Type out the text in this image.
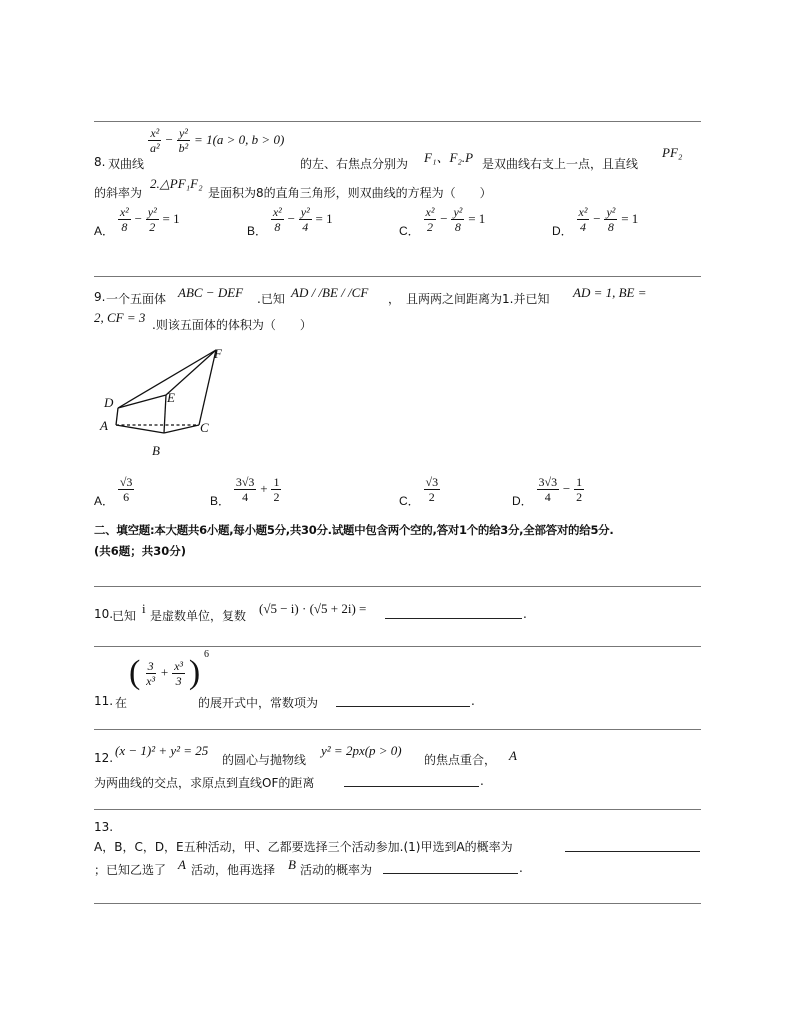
8. 双曲线
$\frac{\text{x²}}{\text{a²}} - \frac{\text{y²}}{\text{b²}} = 1(a > 0$, b > 0)
的左、右焦点分别为 F₁、F₂.P 是双曲线右支上一点，且直线
PF₂
的斜率为
2.△PF₁F₂
是面积为8的直角三角形，则双曲线的方程为（　　）
A． $\frac{\text{x²}}{8} - \frac{\text{y²}}{2} = 1$
B． $\frac{\text{x²}}{8} - \frac{\text{y²}}{4} = 1$
C． $\frac{\text{x²}}{2} - \frac{\text{y²}}{8} = 1$
D． $\frac{\text{x²}}{4} - \frac{\text{y²}}{8} = 1$
9. 一个五面体 ABC − DEF .已知 AD / /BE / /CF ，　且两两之间距离为1.并已知 AD = 1, BE =
2, CF = 3 .则该五面体的体积为（　　）
F
E
D
A	C
B
A． $\frac{√3}{6}$	B． $\frac{3√3}{4} + \frac{1}{2}$	C． $\frac{√3}{2}$	D． $\frac{3√3}{4} - \frac{1}{2}$
二、填空题:本大题共6小题,每小题5分,共30分.试题中包含两个空的,答对1个的给3分,全部答对的给5分.
(共6题；共30分)
10.
已知 i 是虚数单位，复数 (√5 − i) · (√5 + 2i) =	.
11. 在
( $\frac{3}{\text{x³}} + \frac{\text{x³}}{3}$ ) $^6$
的展开式中，常数项为	.
12. (x − 1)² + y² = 25
的圆心与抛物线
y² = 2px(p > 0)
的焦点重合， A
为两曲线的交点，求原点到直线OF的距离	.
13.
A，B，C，D，E五种活动，甲、乙都要选择三个活动参加.(1)甲选到A的概率为
；已知乙选了 A 活动，他再选择 B 活动的概率为	.
